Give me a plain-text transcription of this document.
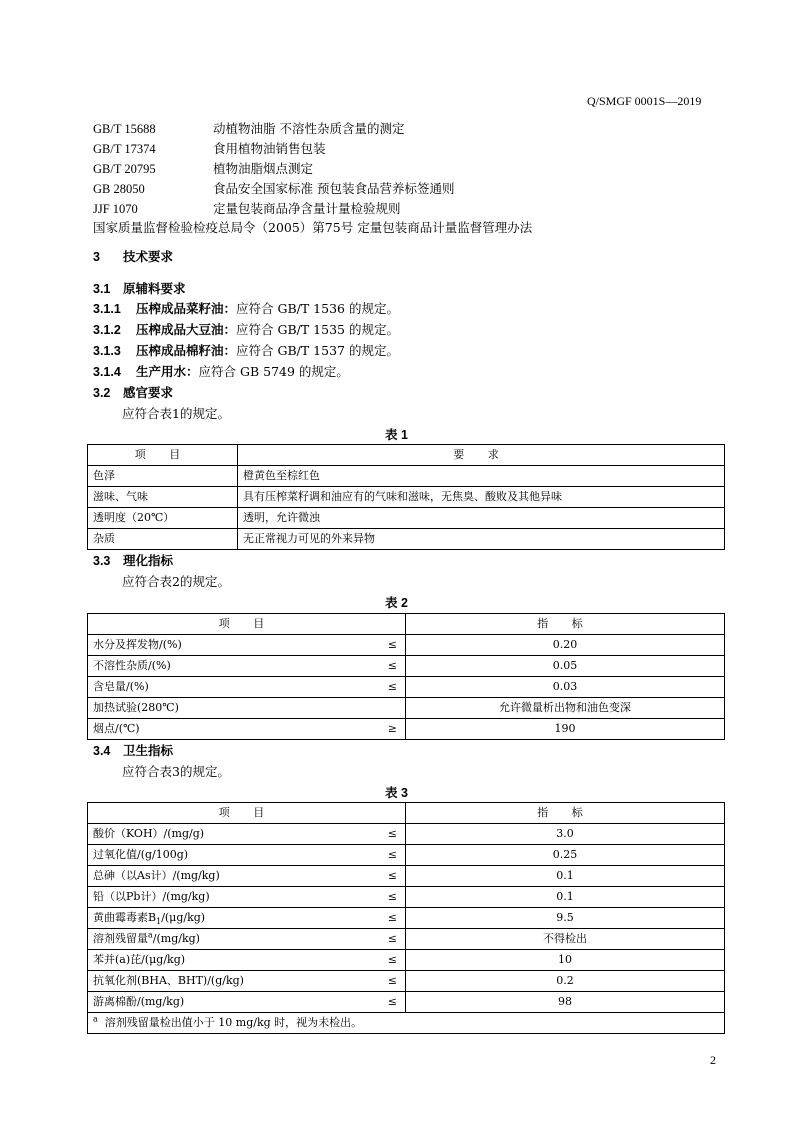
Q/SMGF 0001S—2019
GB/T 15688	动植物油脂 不溶性杂质含量的测定
GB/T 17374	食用植物油销售包装
GB/T 20795	植物油脂烟点测定
GB 28050	食品安全国家标准 预包装食品营养标签通则
JJF 1070	定量包装商品净含量计量检验规则
国家质量监督检验检疫总局令（2005）第75号 定量包装商品计量监督管理办法
3 技术要求
3.1 原辅料要求
3.1.1 压榨成品菜籽油：应符合 GB/T 1536 的规定。
3.1.2 压榨成品大豆油：应符合 GB/T 1535 的规定。
3.1.3 压榨成品棉籽油：应符合 GB/T 1537 的规定。
3.1.4 生产用水：应符合 GB 5749 的规定。
3.2 感官要求
应符合表1的规定。
表 1
项 目	要 求
色泽	橙黄色至棕红色
滋味、气味	具有压榨菜籽调和油应有的气味和滋味，无焦臭、酸败及其他异味
透明度（20℃）	透明，允许微浊
杂质	无正常视力可见的外来异物
3.3 理化指标
应符合表2的规定。
表 2
项 目		指 标
水分及挥发物/(%)	≤	0.20
不溶性杂质/(%)	≤	0.05
含皂量/(%)	≤	0.03
加热试验(280℃)		允许微量析出物和油色变深
烟点/(℃)	≥	190
3.4 卫生指标
应符合表3的规定。
表 3
项 目		指 标
酸价（KOH）/(mg/g)	≤	3.0
过氧化值/(g/100g)	≤	0.25
总砷（以As计）/(mg/kg)	≤	0.1
铅（以Pb计）/(mg/kg)	≤	0.1
黄曲霉毒素$B_1/(\mu g/kg)$	≤	9.5
溶剂残留量$^a$/(mg/kg)	≤	不得检出
苯并(a)芘/(μg/kg)	≤	10
抗氧化剂(BHA、BHT)/(g/kg)	≤	0.2
游离棉酚/(mg/kg)	≤	98
$^a$ 溶剂残留量检出值小于 10 mg/kg 时，视为未检出。		
2
